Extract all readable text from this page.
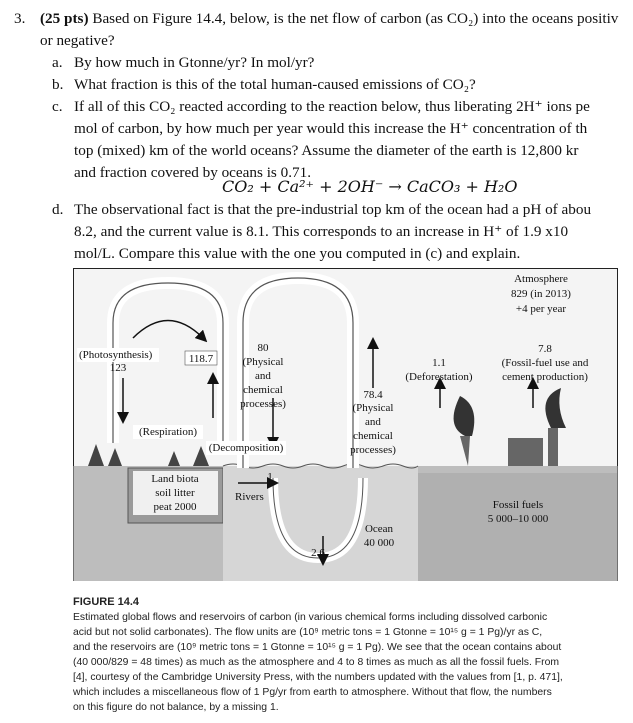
3. (25 pts) Based on Figure 14.4, below, is the net flow of carbon (as CO₂) into the oceans positiv
or negative?
a. By how much in Gtonne/yr? In mol/yr?
b. What fraction is this of the total human-caused emissions of CO₂?
c. If all of this CO₂ reacted according to the reaction below, thus liberating 2H⁺ ions pe
mol of carbon, by how much per year would this increase the H⁺ concentration of th
top (mixed) km of the world oceans? Assume the diameter of the earth is 12,800 kr
and fraction covered by oceans is 0.71.
CO₂ + Ca²⁺ + 2OH⁻ → CaCO₃ + H₂O
d. The observational fact is that the pre-industrial top km of the ocean had a pH of abou
8.2, and the current value is 8.1. This corresponds to an increase in H⁺ of 1.9 x10
mol/L. Compare this value with the one you computed in (c) and explain.
Atmosphere
829 (in 2013)
+4 per year
(Photosynthesis)
123
118.7
(Respiration)
80
(Physical
and
chemical
processes)
78.4
(Physical
and
chemical
processes)
(Decomposition)
1.1
(Deforestation)
7.8
(Fossil-fuel use and
cement production)
Land biota
soil litter
peat 2000
1
Rivers
Ocean
40 000
2.6
Fossil fuels
5 000–10 000
FIGURE 14.4
Estimated global flows and reservoirs of carbon (in various chemical forms including dissolved carbonic
acid but not solid carbonates). The flow units are (10⁹ metric tons = 1 Gtonne = 10¹⁵ g = 1 Pg)/yr as C,
and the reservoirs are (10⁹ metric tons = 1 Gtonne = 10¹⁵ g = 1 Pg). We see that the ocean contains about
(40 000/829 = 48 times) as much as the atmosphere and 4 to 8 times as much as all the fossil fuels. From
[4], courtesy of the Cambridge University Press, with the numbers updated with the values from [1, p. 471],
which includes a miscellaneous flow of 1 Pg/yr from earth to atmosphere. Without that flow, the numbers
on this figure do not balance, by a missing 1.
